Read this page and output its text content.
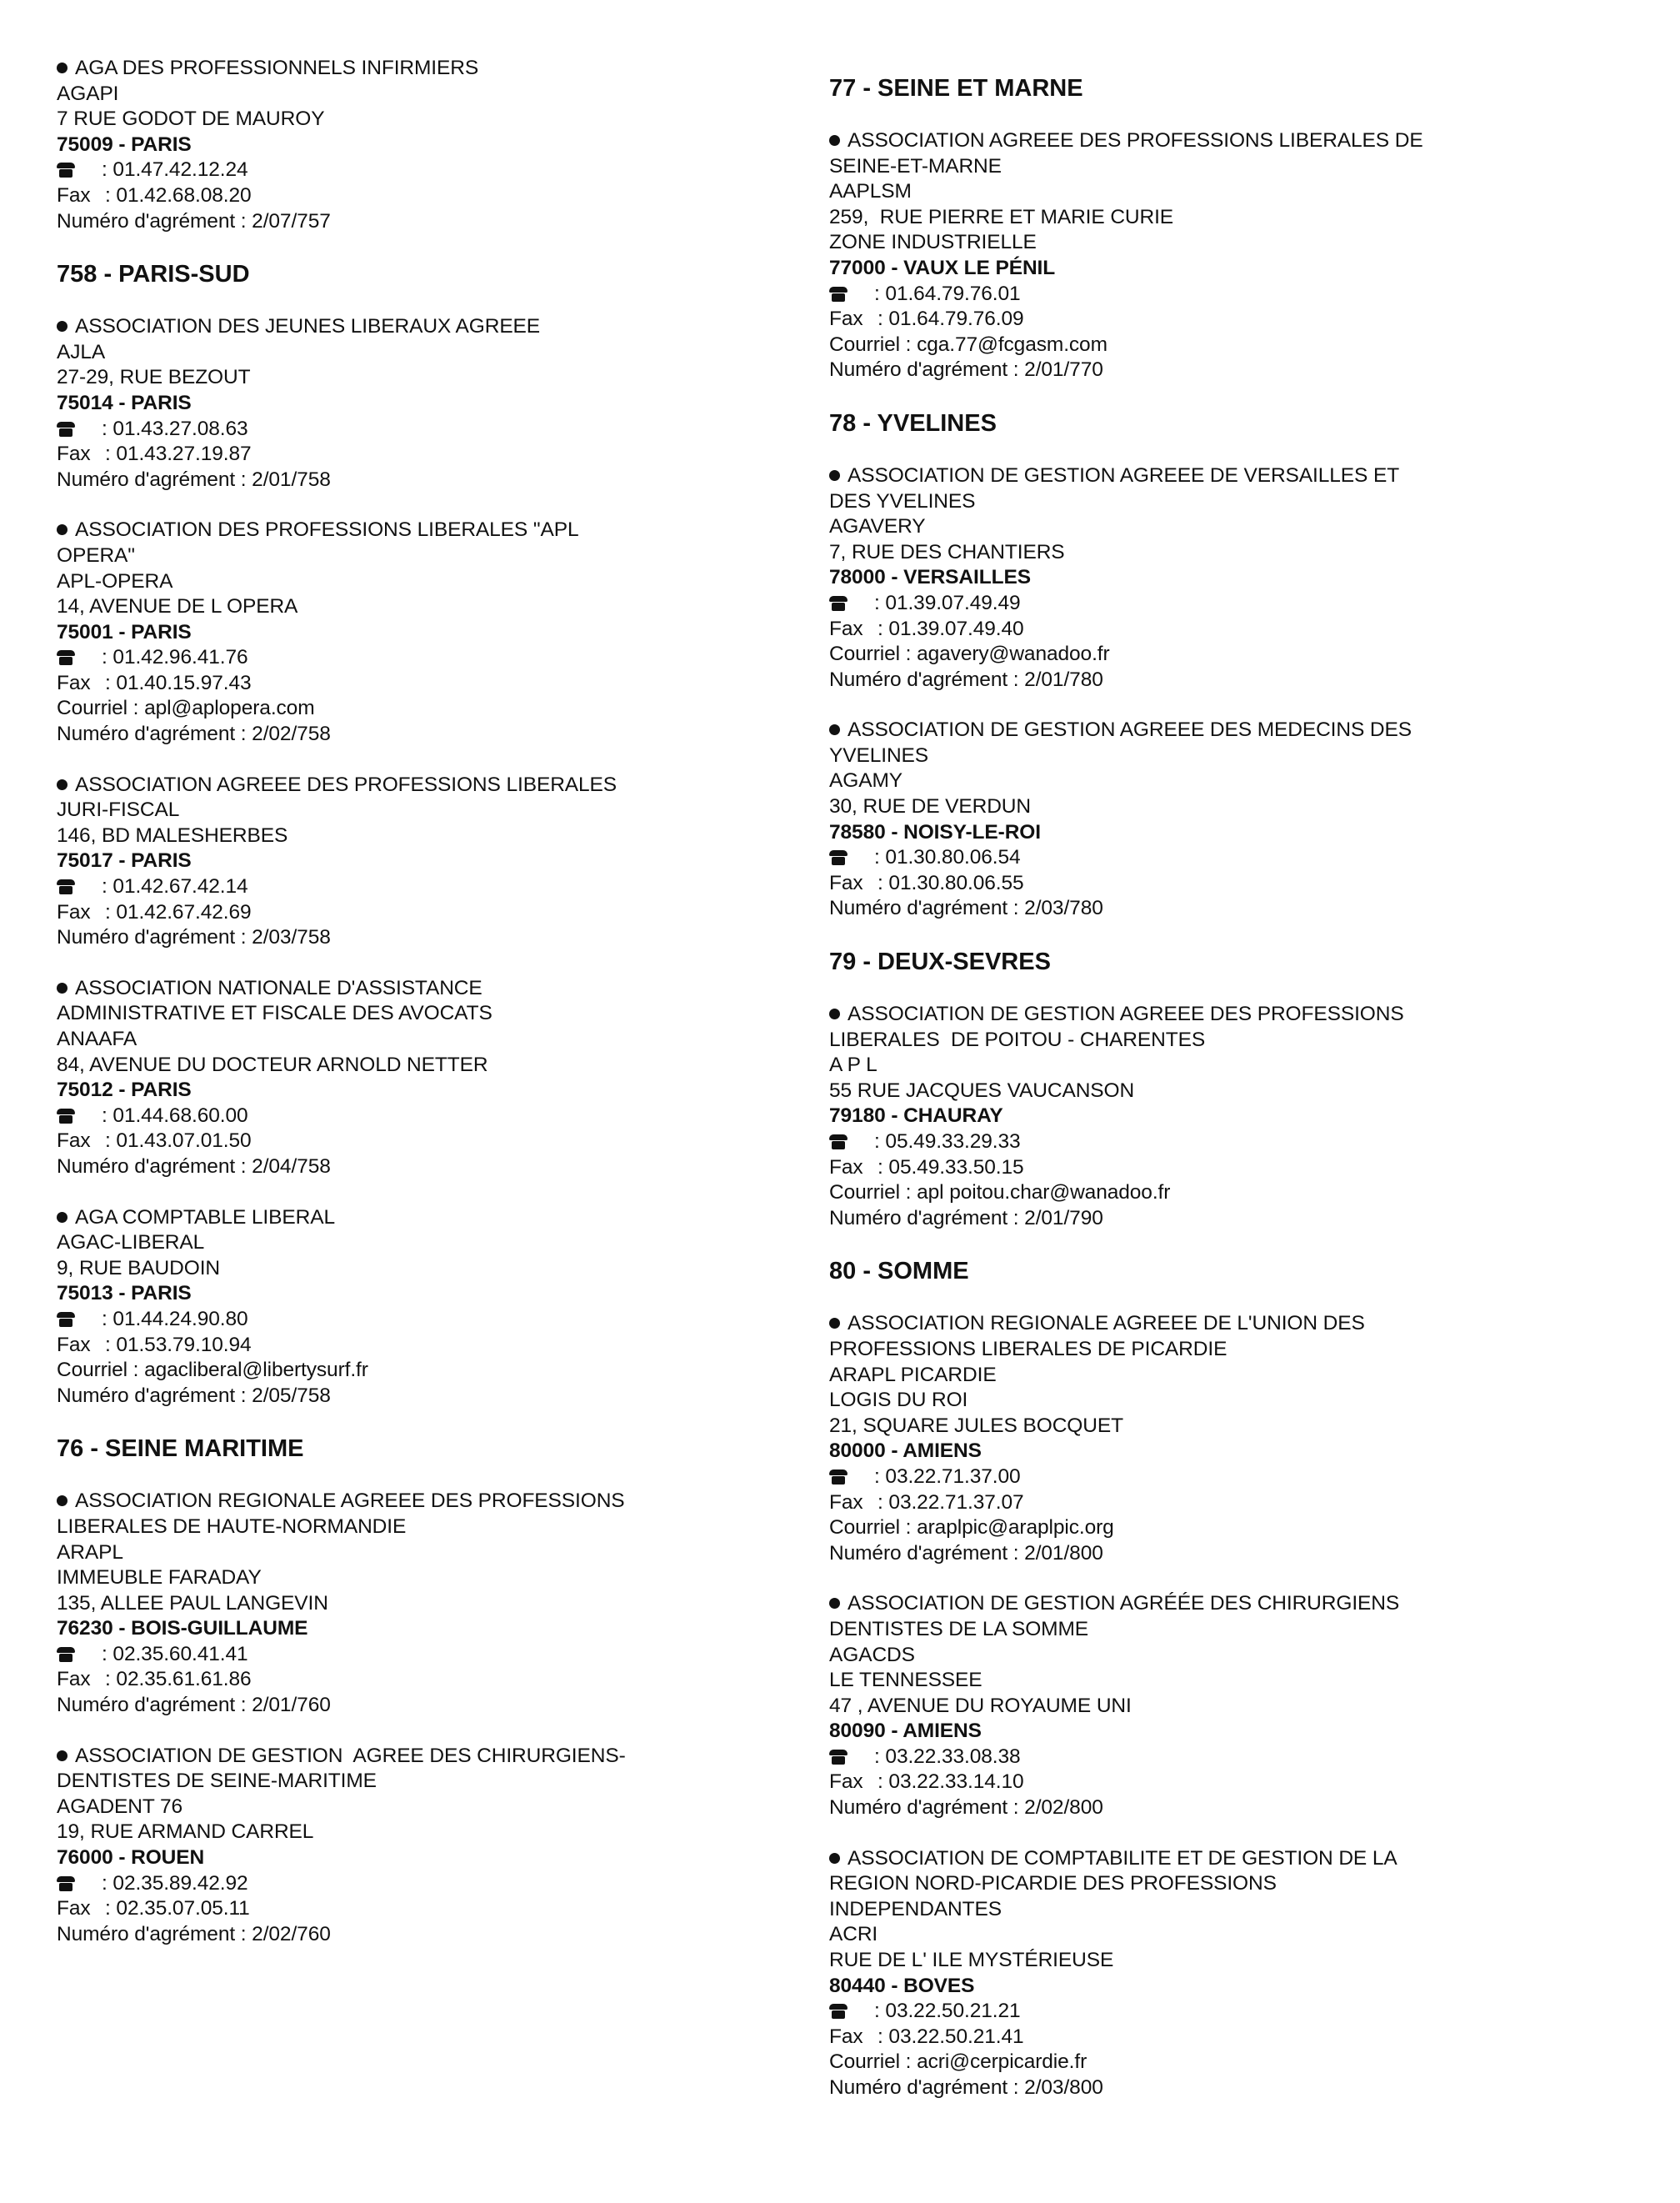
AGA DES PROFESSIONNELS INFIRMIERS
AGAPI
7 RUE GODOT DE MAUROY
75009 - PARIS
: 01.47.42.12.24
Fax : 01.42.68.08.20
Numéro d'agrément : 2/07/757
758 - PARIS-SUD
ASSOCIATION DES JEUNES LIBERAUX AGREEE
AJLA
27-29, RUE BEZOUT
75014 - PARIS
: 01.43.27.08.63
Fax : 01.43.27.19.87
Numéro d'agrément : 2/01/758
ASSOCIATION DES PROFESSIONS LIBERALES "APL
OPERA"
APL-OPERA
14, AVENUE DE L OPERA
75001 - PARIS
: 01.42.96.41.76
Fax : 01.40.15.97.43
Courriel : apl@aplopera.com
Numéro d'agrément : 2/02/758
ASSOCIATION AGREEE DES PROFESSIONS LIBERALES
JURI-FISCAL
146, BD MALESHERBES
75017 - PARIS
: 01.42.67.42.14
Fax : 01.42.67.42.69
Numéro d'agrément : 2/03/758
ASSOCIATION NATIONALE D'ASSISTANCE
ADMINISTRATIVE ET FISCALE DES AVOCATS
ANAAFA
84, AVENUE DU DOCTEUR ARNOLD NETTER
75012 - PARIS
: 01.44.68.60.00
Fax : 01.43.07.01.50
Numéro d'agrément : 2/04/758
AGA COMPTABLE LIBERAL
AGAC-LIBERAL
9, RUE BAUDOIN
75013 - PARIS
: 01.44.24.90.80
Fax : 01.53.79.10.94
Courriel : agacliberal@libertysurf.fr
Numéro d'agrément : 2/05/758
76 - SEINE MARITIME
ASSOCIATION REGIONALE AGREEE DES PROFESSIONS
LIBERALES DE HAUTE-NORMANDIE
ARAPL
IMMEUBLE FARADAY
135, ALLEE PAUL LANGEVIN
76230 - BOIS-GUILLAUME
: 02.35.60.41.41
Fax : 02.35.61.61.86
Numéro d'agrément : 2/01/760
ASSOCIATION DE GESTION  AGREE DES CHIRURGIENS-
DENTISTES DE SEINE-MARITIME
AGADENT 76
19, RUE ARMAND CARREL
76000 - ROUEN
: 02.35.89.42.92
Fax : 02.35.07.05.11
Numéro d'agrément : 2/02/760
77 - SEINE ET MARNE
ASSOCIATION AGREEE DES PROFESSIONS LIBERALES DE
SEINE-ET-MARNE
AAPLSM
259,  RUE PIERRE ET MARIE CURIE
ZONE INDUSTRIELLE
77000 - VAUX LE PÉNIL
: 01.64.79.76.01
Fax : 01.64.79.76.09
Courriel : cga.77@fcgasm.com
Numéro d'agrément : 2/01/770
78 - YVELINES
ASSOCIATION DE GESTION AGREEE DE VERSAILLES ET
DES YVELINES
AGAVERY
7, RUE DES CHANTIERS
78000 - VERSAILLES
: 01.39.07.49.49
Fax : 01.39.07.49.40
Courriel : agavery@wanadoo.fr
Numéro d'agrément : 2/01/780
ASSOCIATION DE GESTION AGREEE DES MEDECINS DES
YVELINES
AGAMY
30, RUE DE VERDUN
78580 - NOISY-LE-ROI
: 01.30.80.06.54
Fax : 01.30.80.06.55
Numéro d'agrément : 2/03/780
79 - DEUX-SEVRES
ASSOCIATION DE GESTION AGREEE DES PROFESSIONS
LIBERALES  DE POITOU - CHARENTES
A P L
55 RUE JACQUES VAUCANSON
79180 - CHAURAY
: 05.49.33.29.33
Fax : 05.49.33.50.15
Courriel : apl poitou.char@wanadoo.fr
Numéro d'agrément : 2/01/790
80 - SOMME
ASSOCIATION REGIONALE AGREEE DE L'UNION DES
PROFESSIONS LIBERALES DE PICARDIE
ARAPL PICARDIE
LOGIS DU ROI
21, SQUARE JULES BOCQUET
80000 - AMIENS
: 03.22.71.37.00
Fax : 03.22.71.37.07
Courriel : araplpic@araplpic.org
Numéro d'agrément : 2/01/800
ASSOCIATION DE GESTION AGRÉÉE DES CHIRURGIENS
DENTISTES DE LA SOMME
AGACDS
LE TENNESSEE
47 , AVENUE DU ROYAUME UNI
80090 - AMIENS
: 03.22.33.08.38
Fax : 03.22.33.14.10
Numéro d'agrément : 2/02/800
ASSOCIATION DE COMPTABILITE ET DE GESTION DE LA
REGION NORD-PICARDIE DES PROFESSIONS
INDEPENDANTES
ACRI
RUE DE L' ILE MYSTÉRIEUSE
80440 - BOVES
: 03.22.50.21.21
Fax : 03.22.50.21.41
Courriel : acri@cerpicardie.fr
Numéro d'agrément : 2/03/800
